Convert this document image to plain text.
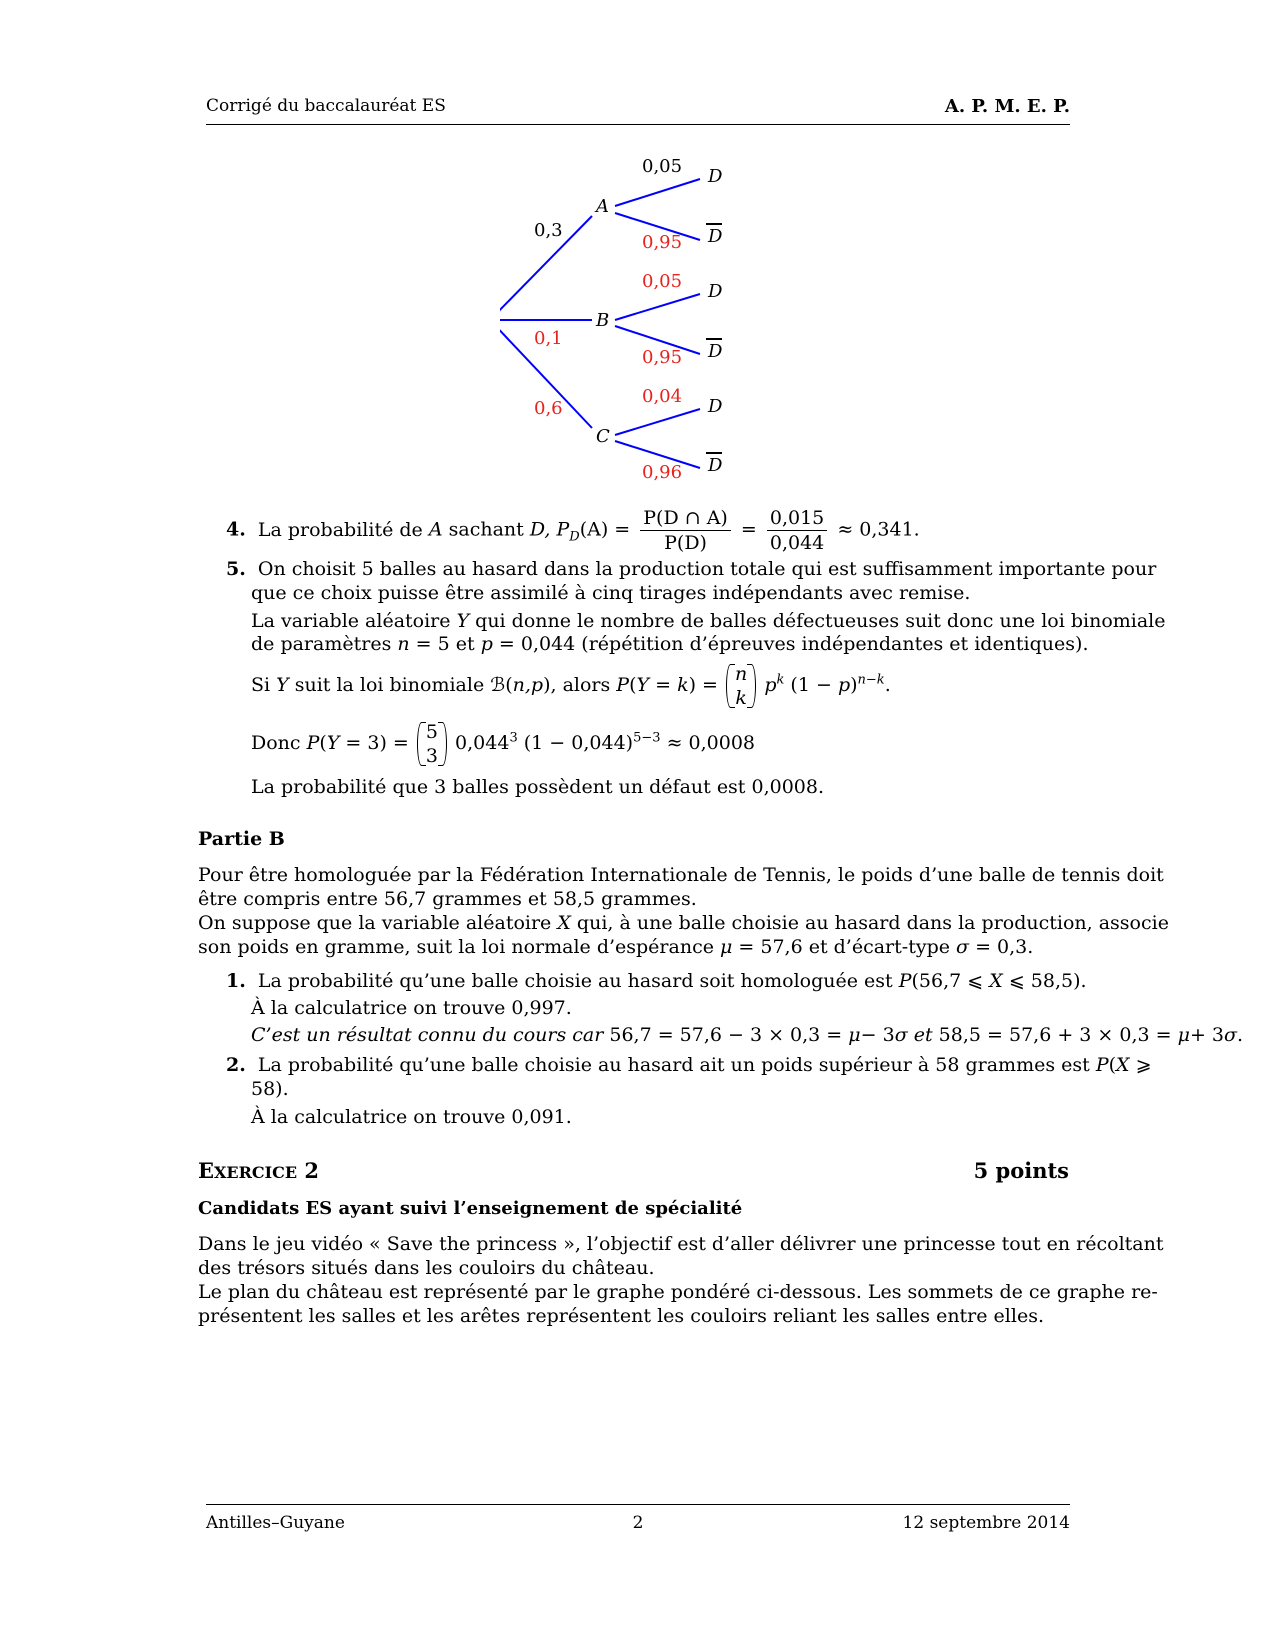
Corrigé du baccalauréat ES	A. P. M. E. P.
0,3
0,1
0,6
A
B
C
0,05
0,95
0,05
0,95
0,04
0,96
D
D
D
D
D
D
4. La probabilité de A sachant D, $P_D(A) = \frac{P(D \cap A)}{P(D)} = \frac{0,015}{0,044} \approx 0,341$.
5. On choisit 5 balles au hasard dans la production totale qui est suffisamment importante pour
que ce choix puisse être assimilé à cinq tirages indépendants avec remise.
La variable aléatoire Y qui donne le nombre de balles défectueuses suit donc une loi binomiale
de paramètres n = 5 et p = 0,044 (répétition d’épreuves indépendantes et identiques).
Si Y suit la loi binomiale ℬ(n,p), alors P(Y = k) = n
k
$p^k$ $(1 - p)^{n-k}$.
Donc P(Y = 3) = 5
3
0,044$^3$ $(1 - 0,044)^{5-3} \approx 0,0008$
La probabilité que 3 balles possèdent un défaut est 0,0008.
Partie B
Pour être homologuée par la Fédération Internationale de Tennis, le poids d’une balle de tennis doit
être compris entre 56,7 grammes et 58,5 grammes.
On suppose que la variable aléatoire X qui, à une balle choisie au hasard dans la production, associe
son poids en gramme, suit la loi normale d’espérance μ = 57,6 et d’écart-type σ = 0,3.
1. La probabilité qu’une balle choisie au hasard soit homologuée est P(56,7 ⩽ X ⩽ 58,5).
À la calculatrice on trouve 0,997.
C’est un résultat connu du cours car 56,7 = 57,6 − 3 × 0,3 = μ− 3σ et 58,5 = 57,6 + 3 × 0,3 = μ+ 3σ.
2. La probabilité qu’une balle choisie au hasard ait un poids supérieur à 58 grammes est P(X ⩾
58).
À la calculatrice on trouve 0,091.
EXERCICE 2	5 points
Candidats ES ayant suivi l’enseignement de spécialité
Dans le jeu vidéo « Save the princess », l’objectif est d’aller délivrer une princesse tout en récoltant
des trésors situés dans les couloirs du château.
Le plan du château est représenté par le graphe pondéré ci-dessous. Les sommets de ce graphe re-
présentent les salles et les arêtes représentent les couloirs reliant les salles entre elles.
Antilles–Guyane	2	12 septembre 2014
